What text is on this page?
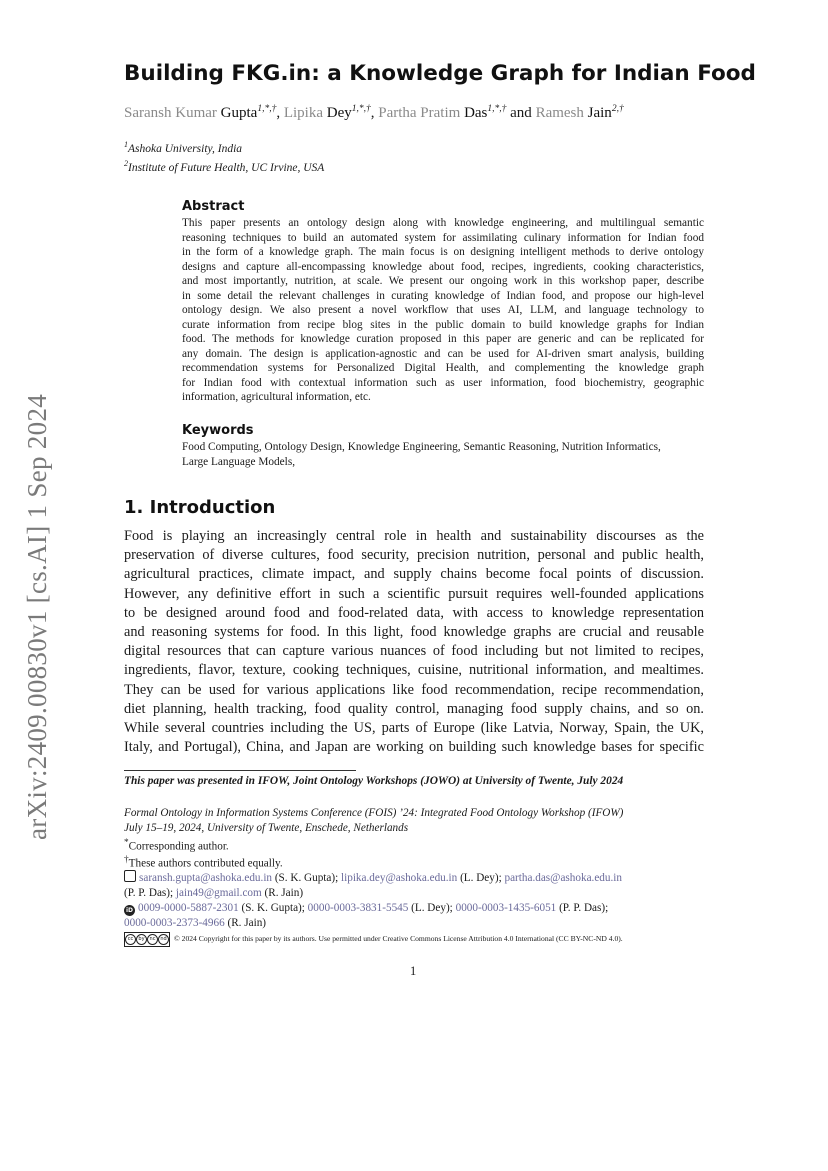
arXiv:2409.00830v1 [cs.AI] 1 Sep 2024
Building FKG.in: a Knowledge Graph for Indian Food
Saransh Kumar Gupta$^{1,*,\dagger}$, Lipika Dey$^{1,*,\dagger}$, Partha Pratim Das$^{1,*,\dagger}$ and Ramesh Jain$^{2,\dagger}$
$^1$Ashoka University, India
$^2$Institute of Future Health, UC Irvine, USA
Abstract
This paper presents an ontology design along with knowledge engineering, and multilingual semantic
reasoning techniques to build an automated system for assimilating culinary information for Indian food
in the form of a knowledge graph. The main focus is on designing intelligent methods to derive ontology
designs and capture all-encompassing knowledge about food, recipes, ingredients, cooking characteristics,
and most importantly, nutrition, at scale. We present our ongoing work in this workshop paper, describe
in some detail the relevant challenges in curating knowledge of Indian food, and propose our high-level
ontology design. We also present a novel workflow that uses AI, LLM, and language technology to
curate information from recipe blog sites in the public domain to build knowledge graphs for Indian
food. The methods for knowledge curation proposed in this paper are generic and can be replicated for
any domain. The design is application-agnostic and can be used for AI-driven smart analysis, building
recommendation systems for Personalized Digital Health, and complementing the knowledge graph
for Indian food with contextual information such as user information, food biochemistry, geographic
information, agricultural information, etc.
Keywords
Food Computing, Ontology Design, Knowledge Engineering, Semantic Reasoning, Nutrition Informatics,
Large Language Models,
1. Introduction
Food is playing an increasingly central role in health and sustainability discourses as the
preservation of diverse cultures, food security, precision nutrition, personal and public health,
agricultural practices, climate impact, and supply chains become focal points of discussion.
However, any definitive effort in such a scientific pursuit requires well-founded applications
to be designed around food and food-related data, with access to knowledge representation
and reasoning systems for food. In this light, food knowledge graphs are crucial and reusable
digital resources that can capture various nuances of food including but not limited to recipes,
ingredients, flavor, texture, cooking techniques, cuisine, nutritional information, and mealtimes.
They can be used for various applications like food recommendation, recipe recommendation,
diet planning, health tracking, food quality control, managing food supply chains, and so on.
While several countries including the US, parts of Europe (like Latvia, Norway, Spain, the UK,
Italy, and Portugal), China, and Japan are working on building such knowledge bases for specific
This paper was presented in IFOW, Joint Ontology Workshops (JOWO) at University of Twente, July 2024
Formal Ontology in Information Systems Conference (FOIS) ’24: Integrated Food Ontology Workshop (IFOW)
July 15–19, 2024, University of Twente, Enschede, Netherlands
*Corresponding author.
†These authors contributed equally.
saransh.gupta@ashoka.edu.in (S. K. Gupta); lipika.dey@ashoka.edu.in (L. Dey); partha.das@ashoka.edu.in
(P. P. Das); jain49@gmail.com (R. Jain)
iD 0009-0000-5887-2301 (S. K. Gupta); 0000-0003-3831-5545 (L. Dey); 0000-0003-1435-6051 (P. P. Das);
0000-0003-2373-4966 (R. Jain)
cc	by nc nd © 2024 Copyright for this paper by its authors. Use permitted under Creative Commons License Attribution 4.0 International (CC BY-NC-ND 4.0).
1
